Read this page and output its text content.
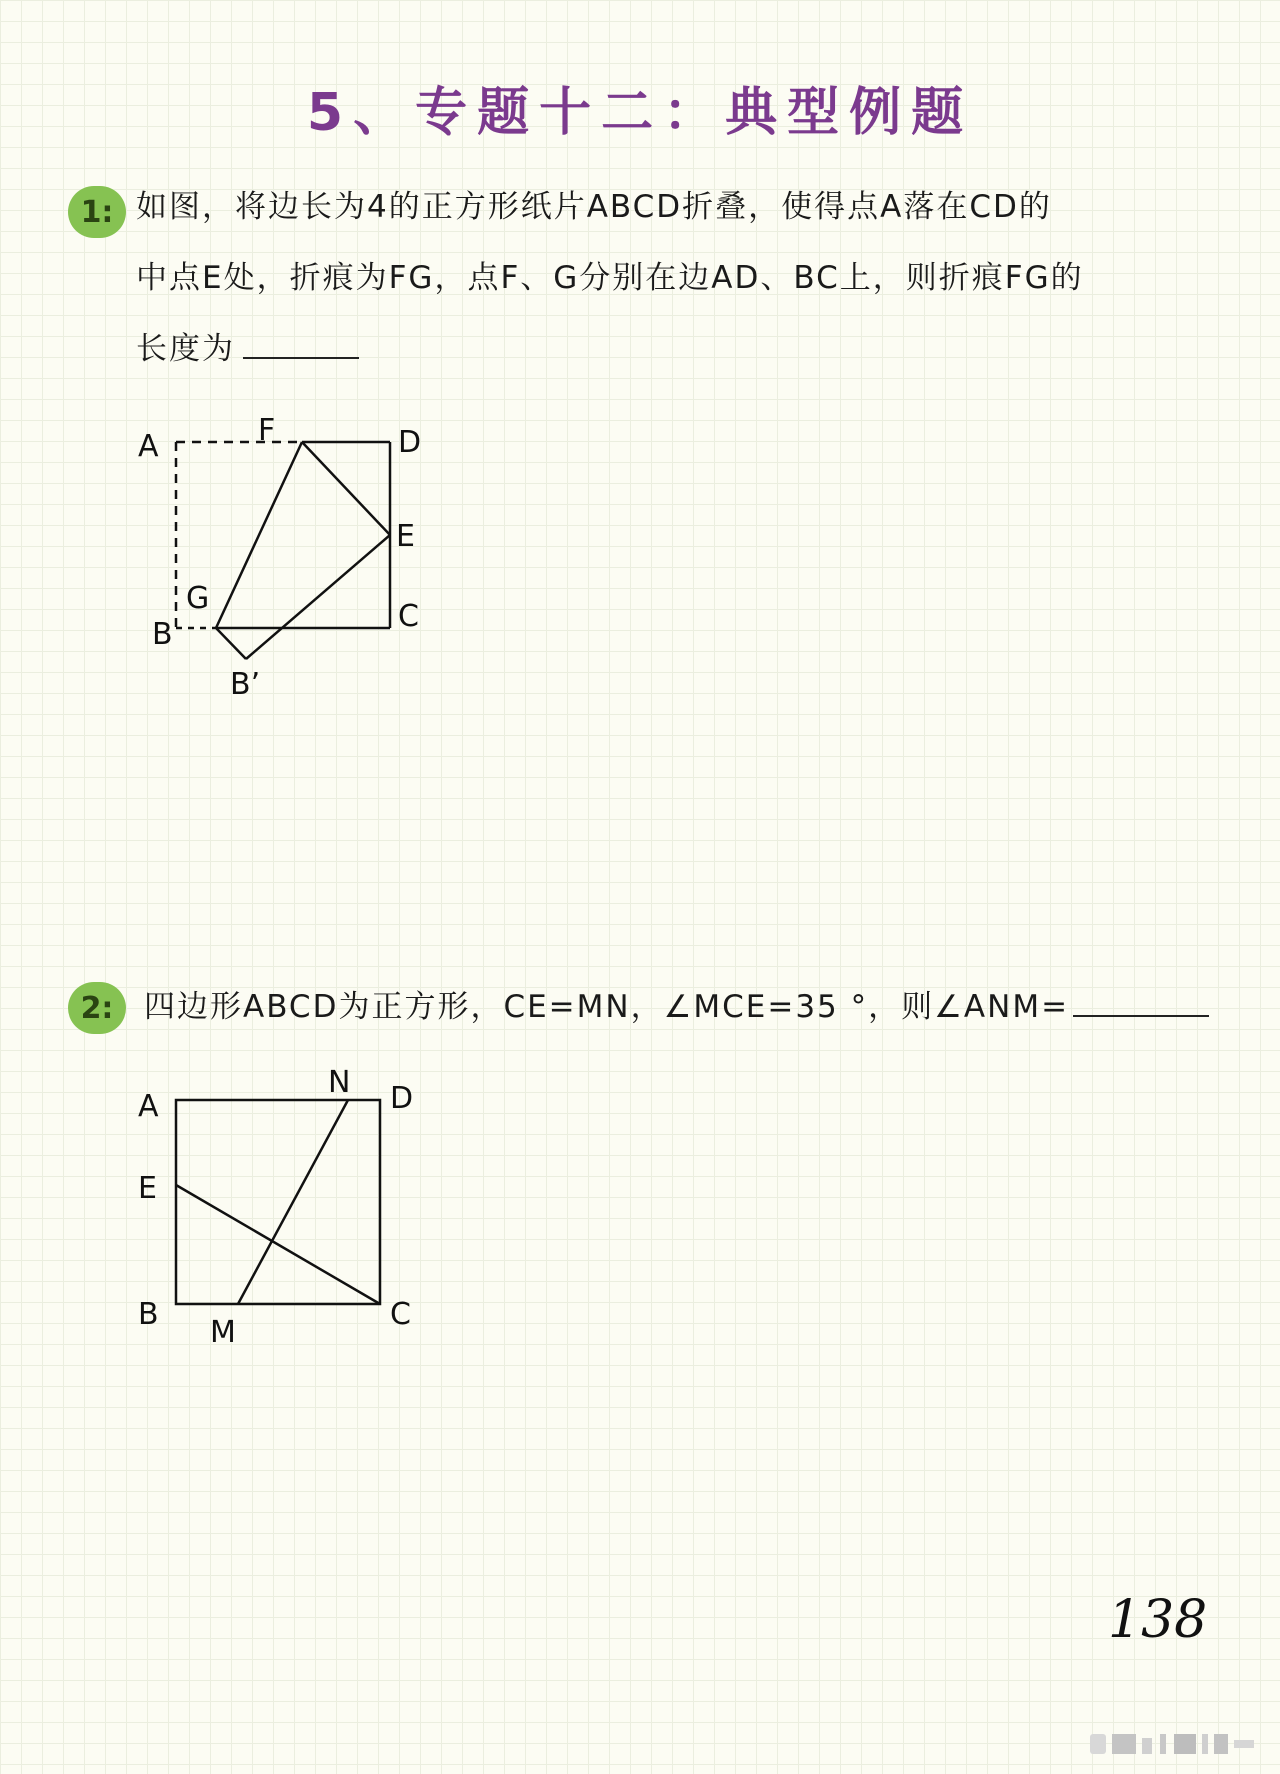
5、专题十二：典型例题
1: 如图，将边长为4的正方形纸片ABCD折叠，使得点A落在CD的
中点E处，折痕为FG，点F、G分别在边AD、BC上，则折痕FG的
长度为
A	F	D
E
G
C
B
B’
2: 四边形ABCD为正方形，CE=MN，∠MCE=35 °，则∠ANM=
A
N D
E
B
M
C
138
